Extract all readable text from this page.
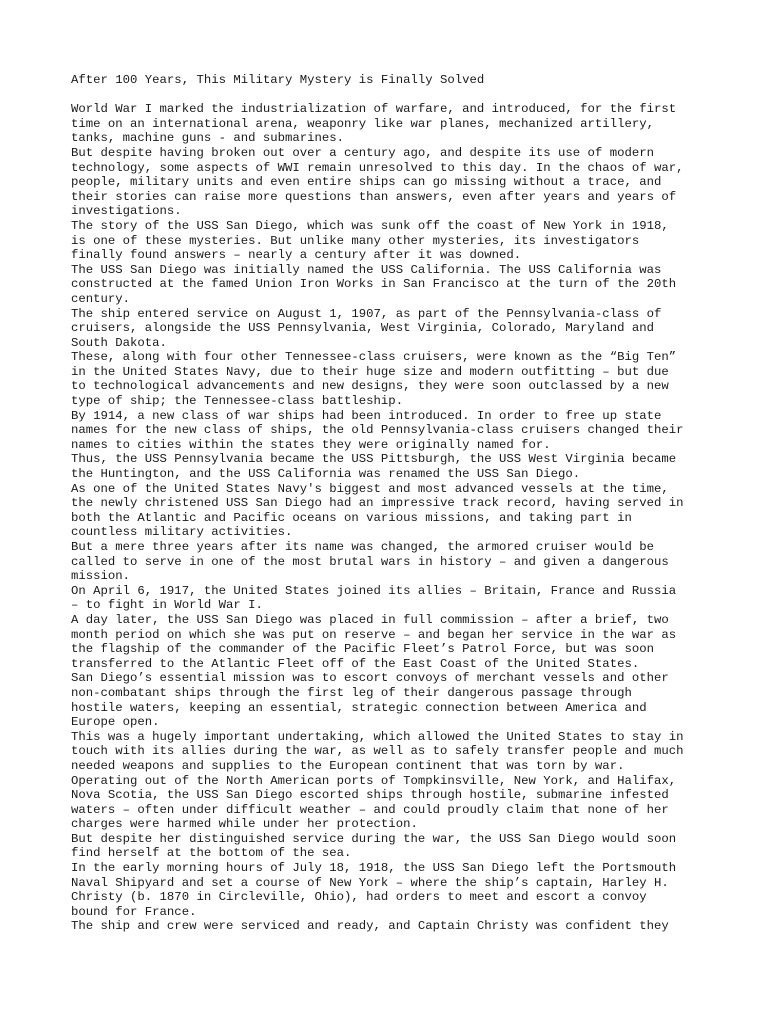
After 100 Years, This Military Mystery is Finally Solved
World War I marked the industrialization of warfare, and introduced, for the first
time on an international arena, weaponry like war planes, mechanized artillery,
tanks, machine guns - and submarines.
But despite having broken out over a century ago, and despite its use of modern
technology, some aspects of WWI remain unresolved to this day. In the chaos of war,
people, military units and even entire ships can go missing without a trace, and
their stories can raise more questions than answers, even after years and years of
investigations.
The story of the USS San Diego, which was sunk off the coast of New York in 1918,
is one of these mysteries. But unlike many other mysteries, its investigators
finally found answers – nearly a century after it was downed.
The USS San Diego was initially named the USS California. The USS California was
constructed at the famed Union Iron Works in San Francisco at the turn of the 20th
century.
The ship entered service on August 1, 1907, as part of the Pennsylvania-class of
cruisers, alongside the USS Pennsylvania, West Virginia, Colorado, Maryland and
South Dakota.
These, along with four other Tennessee-class cruisers, were known as the “Big Ten”
in the United States Navy, due to their huge size and modern outfitting – but due
to technological advancements and new designs, they were soon outclassed by a new
type of ship; the Tennessee-class battleship.
By 1914, a new class of war ships had been introduced. In order to free up state
names for the new class of ships, the old Pennsylvania-class cruisers changed their
names to cities within the states they were originally named for.
Thus, the USS Pennsylvania became the USS Pittsburgh, the USS West Virginia became
the Huntington, and the USS California was renamed the USS San Diego.
As one of the United States Navy's biggest and most advanced vessels at the time,
the newly christened USS San Diego had an impressive track record, having served in
both the Atlantic and Pacific oceans on various missions, and taking part in
countless military activities.
But a mere three years after its name was changed, the armored cruiser would be
called to serve in one of the most brutal wars in history – and given a dangerous
mission.
On April 6, 1917, the United States joined its allies – Britain, France and Russia
– to fight in World War I.
A day later, the USS San Diego was placed in full commission – after a brief, two
month period on which she was put on reserve – and began her service in the war as
the flagship of the commander of the Pacific Fleet’s Patrol Force, but was soon
transferred to the Atlantic Fleet off of the East Coast of the United States.
San Diego’s essential mission was to escort convoys of merchant vessels and other
non-combatant ships through the first leg of their dangerous passage through
hostile waters, keeping an essential, strategic connection between America and
Europe open.
This was a hugely important undertaking, which allowed the United States to stay in
touch with its allies during the war, as well as to safely transfer people and much
needed weapons and supplies to the European continent that was torn by war.
Operating out of the North American ports of Tompkinsville, New York, and Halifax,
Nova Scotia, the USS San Diego escorted ships through hostile, submarine infested
waters – often under difficult weather – and could proudly claim that none of her
charges were harmed while under her protection.
But despite her distinguished service during the war, the USS San Diego would soon
find herself at the bottom of the sea.
In the early morning hours of July 18, 1918, the USS San Diego left the Portsmouth
Naval Shipyard and set a course of New York – where the ship’s captain, Harley H.
Christy (b. 1870 in Circleville, Ohio), had orders to meet and escort a convoy
bound for France.
The ship and crew were serviced and ready, and Captain Christy was confident they
